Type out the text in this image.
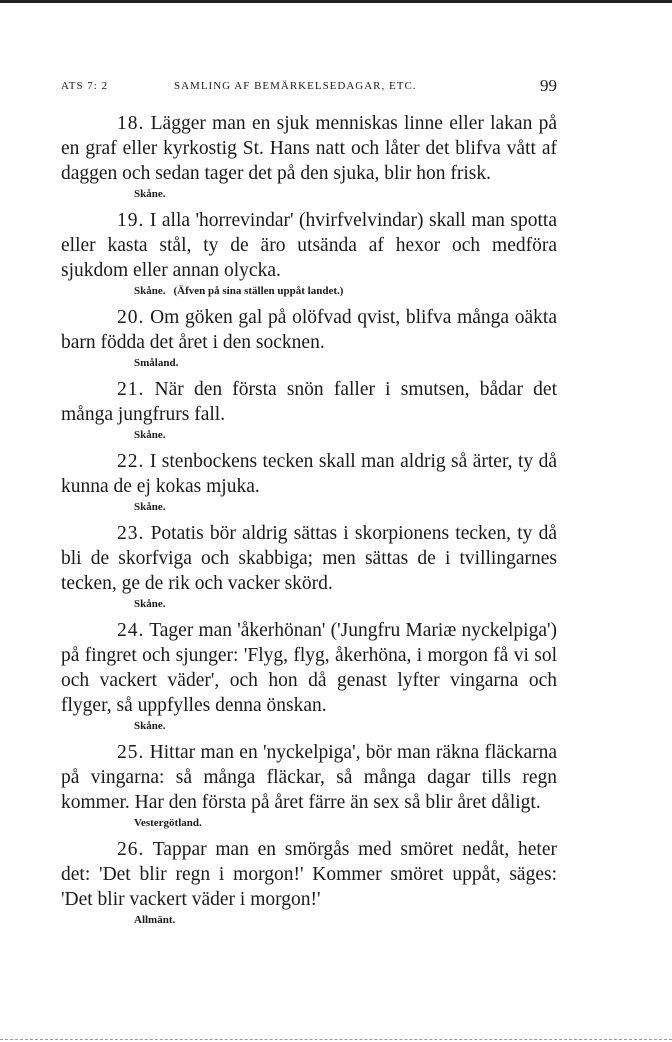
ATS 7: 2	SAMLING AF BEMÄRKELSEDAGAR, ETC.	99

18. Lägger man en sjuk menniskas linne eller lakan på en graf eller kyrkostig St. Hans natt och låter det blifva vått af daggen och sedan tager det på den sjuka, blir hon frisk.

Skåne.

19. I alla 'horrevindar' (hvirfvelvindar) skall man spotta eller kasta stål, ty de äro utsända af hexor och medföra sjukdom eller annan olycka.

Skåne. (Äfven på sina ställen uppåt landet.)

20. Om göken gal på olöfvad qvist, blifva många oäkta barn födda det året i den socknen.

Småland.

21. När den första snön faller i smutsen, bådar det många jungfrurs fall.

Skåne.

22. I stenbockens tecken skall man aldrig så ärter, ty då kunna de ej kokas mjuka.

Skåne.

23. Potatis bör aldrig sättas i skorpionens tecken, ty då bli de skorfviga och skabbiga; men sättas de i tvillingarnes tecken, ge de rik och vacker skörd.

Skåne.

24. Tager man 'åkerhönan' ('Jungfru Mariæ nyckelpiga') på fingret och sjunger: 'Flyg, flyg, åkerhöna, i morgon få vi sol och vackert väder', och hon då genast lyfter vingarna och flyger, så uppfylles denna önskan.

Skåne.

25. Hittar man en 'nyckelpiga', bör man räkna fläckarna på vingarna: så många fläckar, så många dagar tills regn kommer. Har den första på året färre än sex så blir året dåligt.

Vestergötland.

26. Tappar man en smörgås med smöret nedåt, heter det: 'Det blir regn i morgon!' Kommer smöret uppåt, säges: 'Det blir vackert väder i morgon!'

Allmänt.
